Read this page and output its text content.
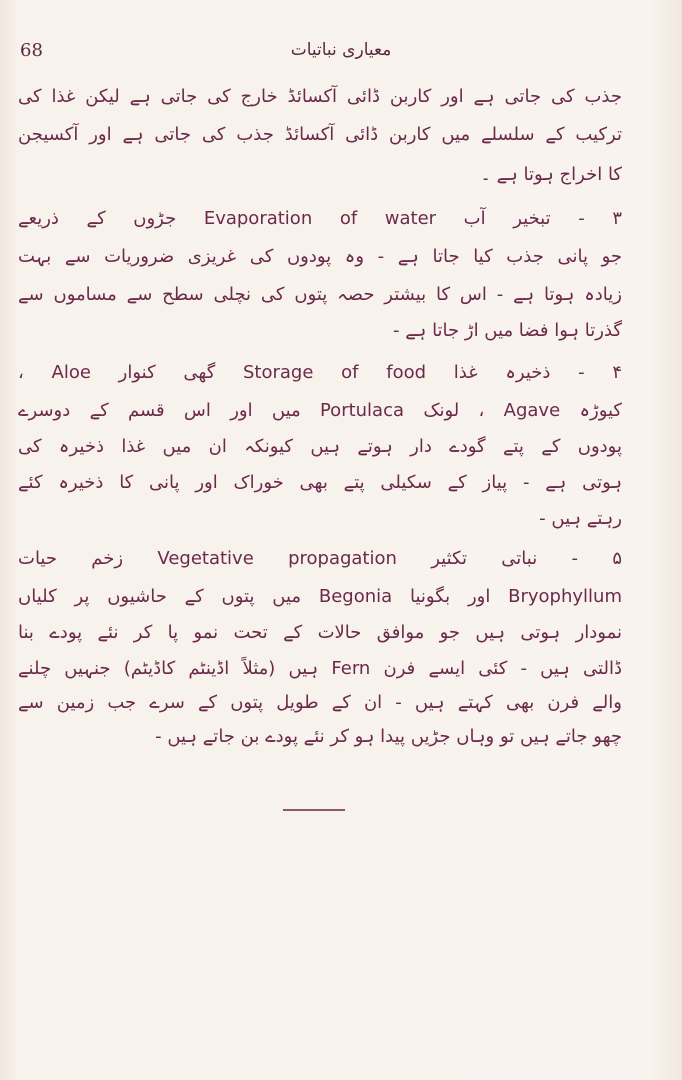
68	معیاری نباتیات
جذب کی جاتی ہے اور کاربن ڈائی آکسائڈ خارج کی جاتی ہے لیکن غذا کی
ترکیب کے سلسلے میں کاربن ڈائی آکسائڈ جذب کی جاتی ہے اور آکسیجن
کا اخراج ہوتا ہے ۔
۳ - تبخیر آب Evaporation of water جڑوں کے ذریعے
جو پانی جذب کیا جاتا ہے - وہ پودوں کی غریزی ضروریات سے بہت
زیادہ ہوتا ہے - اس کا بیشتر حصہ پتوں کی نچلی سطح سے مساموں سے
گذرتا ہوا فضا میں اڑ جاتا ہے -
۴ - ذخیرہ غذا Storage of food گھی کنوار Aloe ،
کیوڑہ Agave ، لونک Portulaca میں اور اس قسم کے دوسرے
پودوں کے پتے گودے دار ہوتے ہیں کیونکہ ان میں غذا ذخیرہ کی
ہوتی ہے - پیاز کے سکیلی پتے بھی خوراک اور پانی کا ذخیرہ کئے
رہتے ہیں -
۵ - نباتی تکثیر Vegetative propagation زخم حیات
Bryophyllum اور بگونیا Begonia میں پتوں کے حاشیوں پر کلیاں
نمودار ہوتی ہیں جو موافق حالات کے تحت نمو پا کر نئے پودے بنا
ڈالتی ہیں - کئی ایسے فرن Fern ہیں (مثلاً اڈینٹم کاڈیٹم) جنہیں چلنے
والے فرن بھی کہتے ہیں - ان کے طویل پتوں کے سرے جب زمین سے
چھو جاتے ہیں تو وہاں جڑیں پیدا ہو کر نئے پودے بن جاتے ہیں -
